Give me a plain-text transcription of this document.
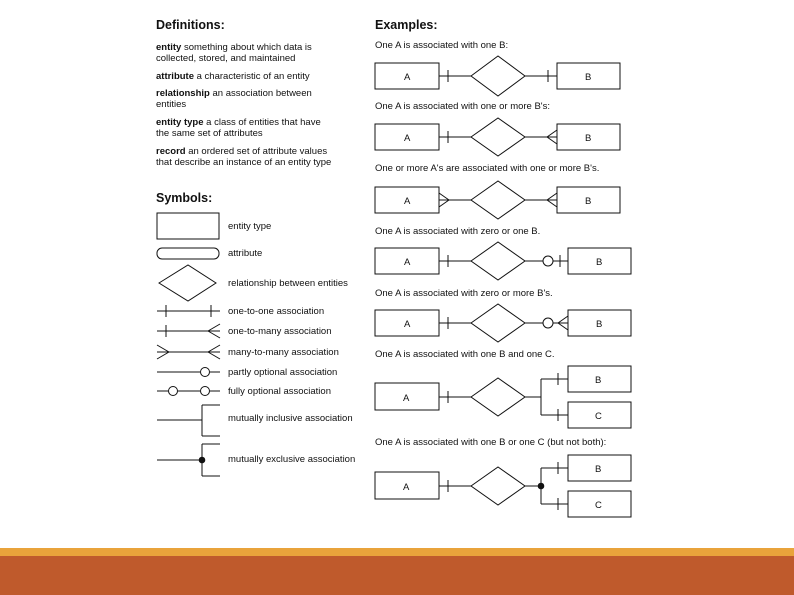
Definitions:
entity something about which data is
collected, stored, and maintained
attribute a characteristic of an entity
relationship an association between
entities
entity type a class of entities that have
the same set of attributes
record an ordered set of attribute values
that describe an instance of an entity type
Symbols:
entity type
attribute
relationship between entities
one-to-one association
one-to-many association
many-to-many association
partly optional association
fully optional association
mutually inclusive association
mutually exclusive association
Examples:
One A is associated with one B:
One A is associated with one or more B's:
One or more A's are associated with one or more B's.
One A is associated with zero or one B.
One A is associated with zero or more B's.
One A is associated with one B and one C.
One A is associated with one B or one C (but not both):
A	B
A	B
A	B
A	B
A	B
A
B
C
A
B
C
